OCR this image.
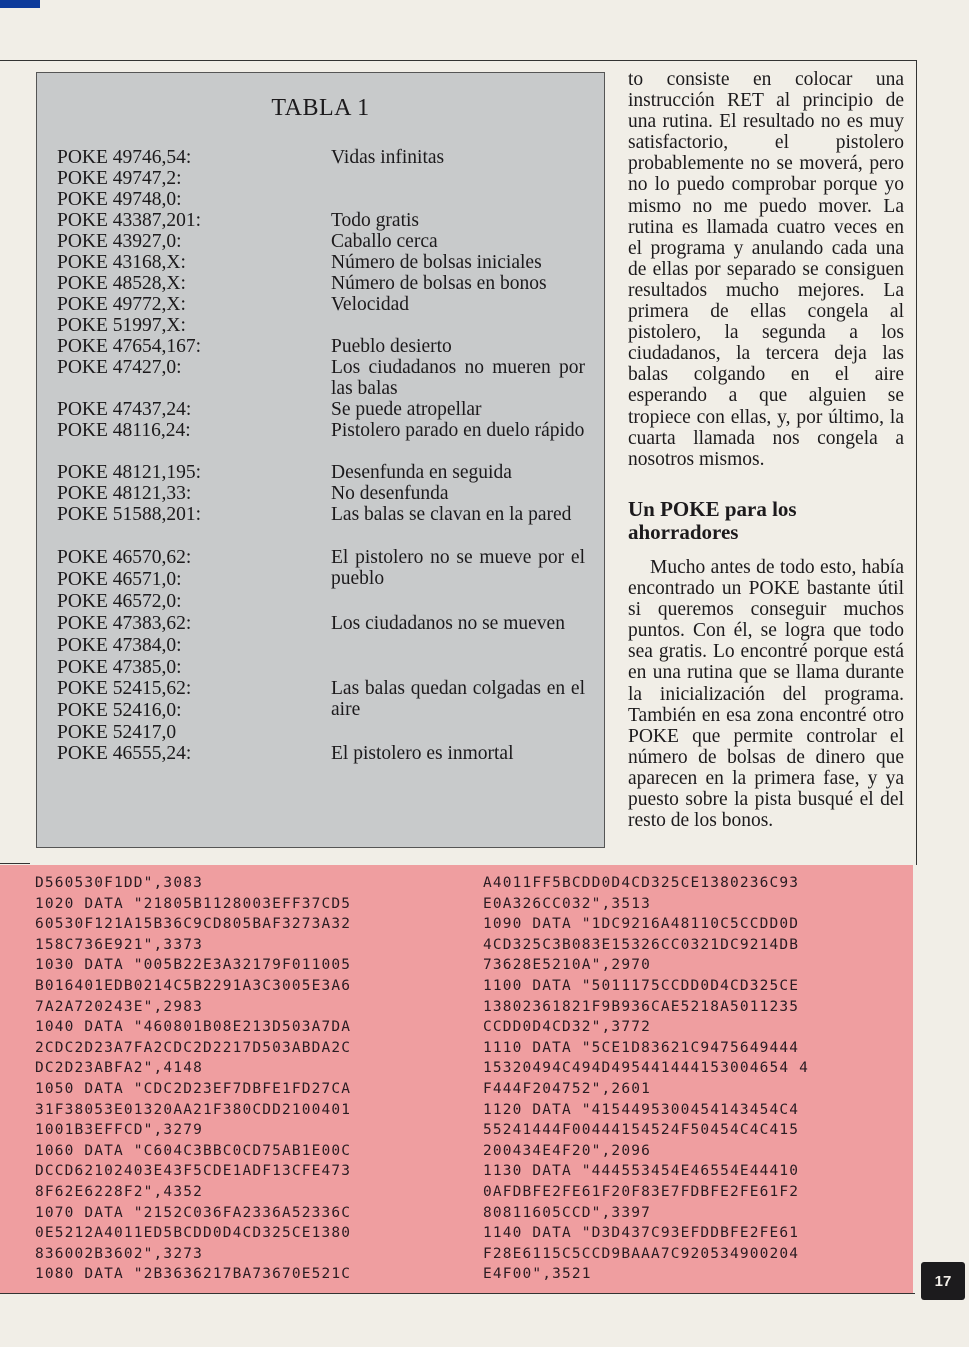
TABLA 1
POKE 49746,54:	Vidas infinitas
POKE 49747,2:
POKE 49748,0:
POKE 43387,201:	Todo gratis
POKE 43927,0:	Caballo cerca
POKE 43168,X:	Número de bolsas iniciales
POKE 48528,X:	Número de bolsas en bonos
POKE 49772,X:	Velocidad
POKE 51997,X:
POKE 47654,167:	Pueblo desierto
POKE 47427,0:	Los ciudadanos no mueren por las balas
POKE 47437,24:	Se puede atropellar
POKE 48116,24:	Pistolero parado en duelo rápido
POKE 48121,195:	Desenfunda en seguida
POKE 48121,33:	No desenfunda
POKE 51588,201:	Las balas se clavan en la pared
POKE 46570,62:	El pistolero no se mueve por el pueblo
POKE 46571,0:
POKE 46572,0:
POKE 47383,62:	Los ciudadanos no se mueven
POKE 47384,0:
POKE 47385,0:
POKE 52415,62:	Las balas quedan colgadas en el aire
POKE 52416,0:
POKE 52417,0
POKE 46555,24:	El pistolero es inmortal

to consiste en colocar una instrucción RET al principio de una rutina. El resultado no es muy satisfactorio, el pistolero probablemente no se moverá, pero no lo puedo comprobar porque yo mismo no me puedo mover. La rutina es llamada cuatro veces en el programa y anulando cada una de ellas por separado se consiguen resultados mucho mejores. La primera de ellas congela al pistolero, la segunda a los ciudadanos, la tercera deja las balas colgando en el aire esperando a que alguien se tropiece con ellas, y, por último, la cuarta llamada nos congela a nosotros mismos.

Un POKE para los ahorradores

Mucho antes de todo esto, había encontrado un POKE bastante útil si queremos conseguir muchos puntos. Con él, se logra que todo sea gratis. Lo encontré porque está en una rutina que se llama durante la inicialización del programa. También en esa zona encontré otro POKE que permite controlar el número de bolsas de dinero que aparecen en la primera fase, y ya puesto sobre la pista busqué el del resto de los bonos.

D560530F1DD",3083
1020 DATA "21805B1128003EFF37CD5
60530F121A15B36C9CD805BAF3273A32
158C736E921",3373
1030 DATA "005B22E3A32179F011005
B016401EDB0214C5B2291A3C3005E3A6
7A2A720243E",2983
1040 DATA "460801B08E213D503A7DA
2CDC2D23A7FA2CDC2D2217D503ABDA2C
DC2D23ABFA2",4148
1050 DATA "CDC2D23EF7DBFE1FD27CA
31F38053E01320AA21F380CDD2100401
1001B3EFFCD",3279
1060 DATA "C604C3BBC0CD75AB1E00C
DCCD62102403E43F5CDE1ADF13CFE473
8F62E6228F2",4352
1070 DATA "2152C036FA2336A52336C
0E5212A4011ED5BCDD0D4CD325CE1380
836002B3602",3273
1080 DATA "2B3636217BA73670E521C
A4011FF5BCDD0D4CD325CE1380236C93
E0A326CC032",3513
1090 DATA "1DC9216A48110C5CCDD0D
4CD325C3B083E15326CC0321DC9214DB
73628E5210A",2970
1100 DATA "5011175CCDD0D4CD325CE
13802361821F9B936CAE5218A5011235
CCDD0D4CD32",3772
1110 DATA "5CE1D83621C9475649444
15320494C494D495441444153004654 4
F444F204752",2601
1120 DATA "4154495300454143454C4
55241444F00444154524F50454C4C415
200434E4F20",2096
1130 DATA "444553454E46554E44410
0AFDBFE2FE61F20F83E7FDBFE2FE61F2
80811605CCD",3397
1140 DATA "D3D437C93EFDDBFE2FE61
F28E6115C5CCD9BAAA7C920534900204
E4F00",3521	17
